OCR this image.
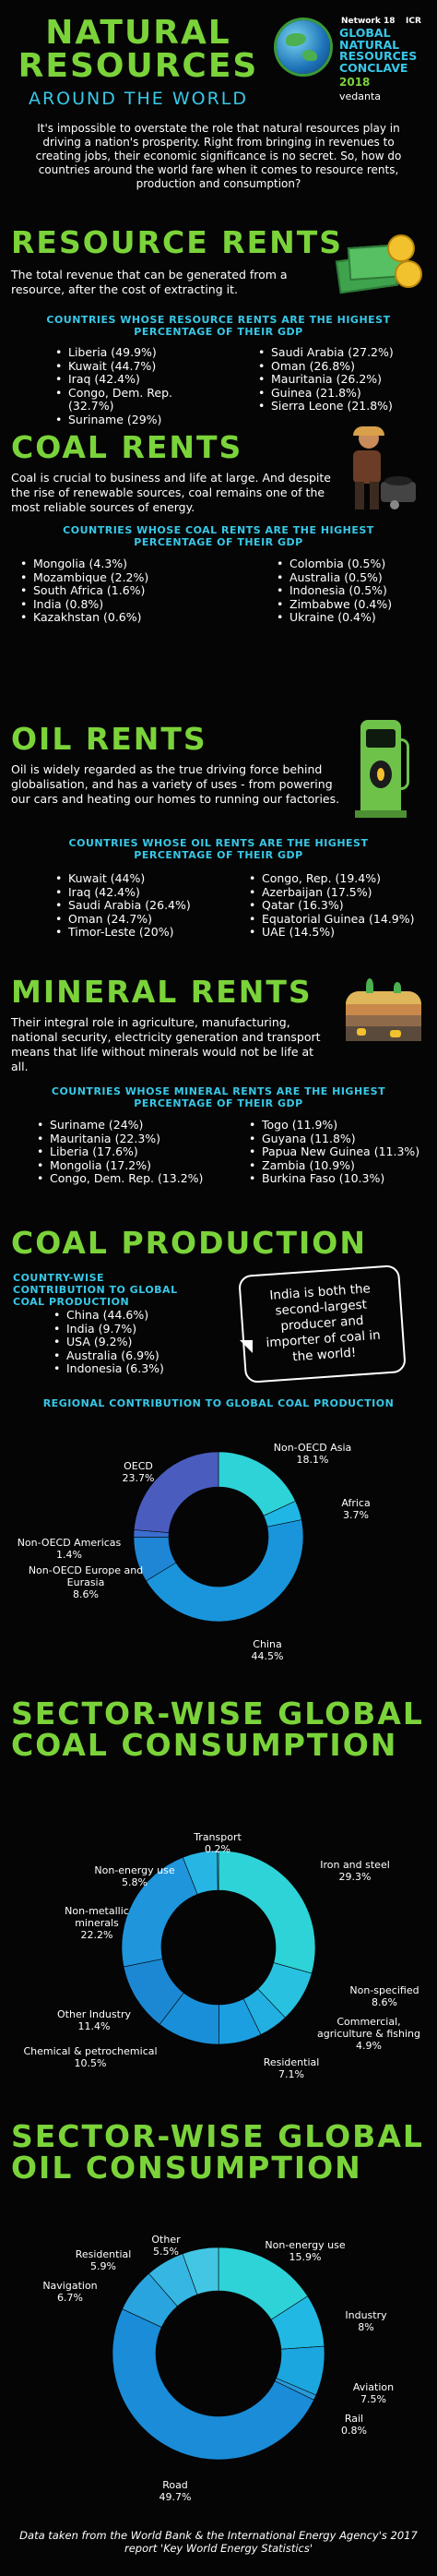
NATURAL
RESOURCES
AROUND THE WORLD
Network 18 ICR
GLOBAL
NATURAL
RESOURCES
CONCLAVE
2018
vedanta
It's impossible to overstate the role that natural resources play in driving a nation's prosperity. Right from bringing in revenues to creating jobs, their economic significance is no secret. So, how do countries around the world fare when it comes to resource rents, production and consumption?
RESOURCE RENTS
The total revenue that can be generated from a resource, after the cost of extracting it.
COUNTRIES WHOSE RESOURCE RENTS ARE THE HIGHEST PERCENTAGE OF THEIR GDP
• Liberia (49.9%)
• Kuwait (44.7%)
• Iraq (42.4%)
• Congo, Dem. Rep. (32.7%)
• Suriname (29%)
• Saudi Arabia (27.2%)
• Oman (26.8%)
• Mauritania (26.2%)
• Guinea (21.8%)
• Sierra Leone (21.8%)
COAL RENTS
Coal is crucial to business and life at large. And despite the rise of renewable sources, coal remains one of the most reliable sources of energy.
COUNTRIES WHOSE COAL RENTS ARE THE HIGHEST PERCENTAGE OF THEIR GDP
• Mongolia (4.3%)
• Mozambique (2.2%)
• South Africa (1.6%)
• India (0.8%)
• Kazakhstan (0.6%)
• Colombia (0.5%)
• Australia (0.5%)
• Indonesia (0.5%)
• Zimbabwe (0.4%)
• Ukraine (0.4%)
OIL RENTS
Oil is widely regarded as the true driving force behind globalisation, and has a variety of uses - from powering our cars and heating our homes to running our factories.
COUNTRIES WHOSE OIL RENTS ARE THE HIGHEST PERCENTAGE OF THEIR GDP
• Kuwait (44%)
• Iraq (42.4%)
• Saudi Arabia (26.4%)
• Oman (24.7%)
• Timor-Leste (20%)
• Congo, Rep. (19.4%)
• Azerbaijan (17.5%)
• Qatar (16.3%)
• Equatorial Guinea (14.9%)
• UAE (14.5%)
MINERAL RENTS
Their integral role in agriculture, manufacturing, national security, electricity generation and transport means that life without minerals would not be life at all.
COUNTRIES WHOSE MINERAL RENTS ARE THE HIGHEST PERCENTAGE OF THEIR GDP
• Suriname (24%)
• Mauritania (22.3%)
• Liberia (17.6%)
• Mongolia (17.2%)
• Congo, Dem. Rep. (13.2%)
• Togo (11.9%)
• Guyana (11.8%)
• Papua New Guinea (11.3%)
• Zambia (10.9%)
• Burkina Faso (10.3%)
COAL PRODUCTION
COUNTRY-WISE CONTRIBUTION TO GLOBAL COAL PRODUCTION
• China (44.6%)
• India (9.7%)
• USA (9.2%)
• Australia (6.9%)
• Indonesia (6.3%)
India is both the second-largest producer and importer of coal in the world!
REGIONAL CONTRIBUTION TO GLOBAL COAL PRODUCTION
Non-OECD Asia
18.1%
Africa
3.7%
China
44.5%
Non-OECD Europe and Eurasia
8.6%
Non-OECD Americas
1.4%
OECD
23.7%
SECTOR-WISE GLOBAL
COAL CONSUMPTION
Iron and steel
29.3%
Non-specified
8.6%
Commercial, agriculture & fishing
4.9%
Residential
7.1%
Chemical & petrochemical
10.5%
Other Industry
11.4%
Non-metallic minerals
22.2%
Non-energy use
5.8%
Transport
0.2%
SECTOR-WISE GLOBAL
OIL CONSUMPTION
Non-energy use
15.9%
Industry
8%
Aviation
7.5%
Rail
0.8%
Road
49.7%
Navigation
6.7%
Residential
5.9%
Other
5.5%
Data taken from the World Bank & the International Energy Agency's 2017 report 'Key World Energy Statistics'
